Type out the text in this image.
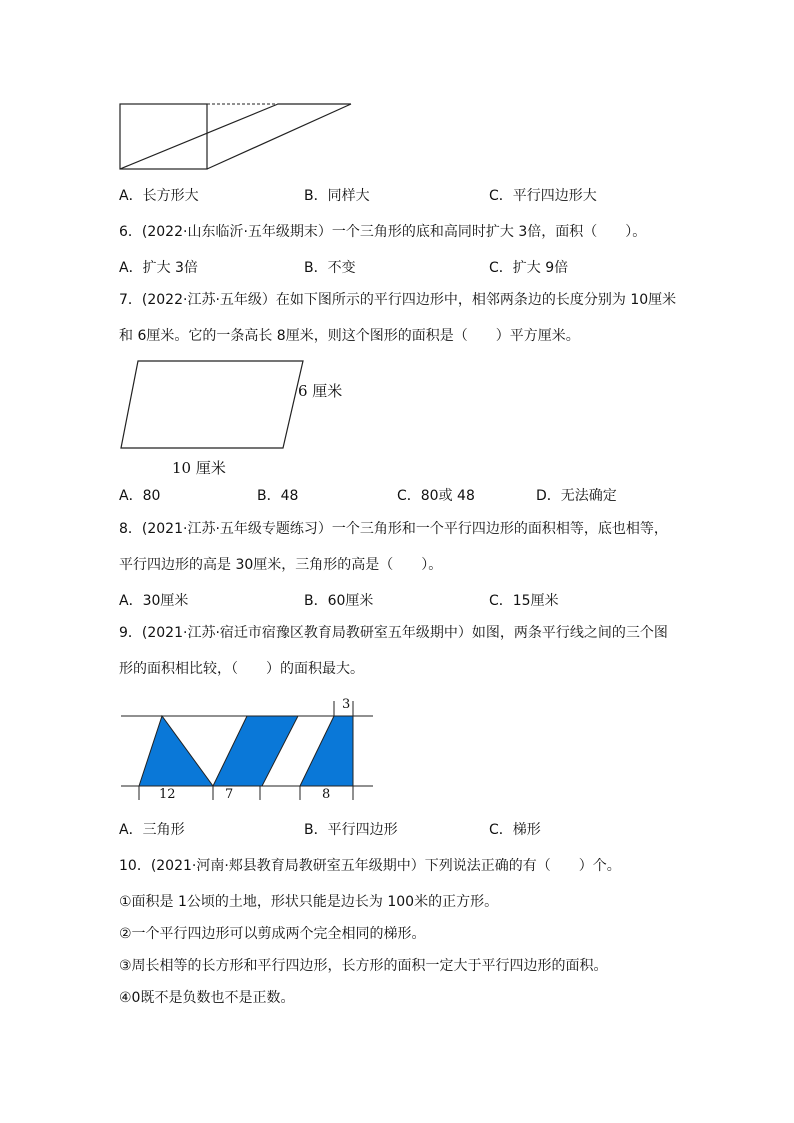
A．长方形大	B．同样大	C．平行四边形大
6．(2022·山东临沂·五年级期末）一个三角形的底和高同时扩大 3倍，面积（　　）。
A．扩大 3倍	B．不变	C．扩大 9倍
7．(2022·江苏·五年级）在如下图所示的平行四边形中，相邻两条边的长度分别为 10厘米
和 6厘米。它的一条高长 8厘米，则这个图形的面积是（　　）平方厘米。
6 厘米
10 厘米
A．80	B．48	C．80或 48	D．无法确定
8．(2021·江苏·五年级专题练习）一个三角形和一个平行四边形的面积相等，底也相等，
平行四边形的高是 30厘米，三角形的高是（　　）。
A．30厘米	B．60厘米	C．15厘米
9．(2021·江苏·宿迁市宿豫区教育局教研室五年级期中）如图，两条平行线之间的三个图
形的面积相比较，（　　）的面积最大。
12	7	8
3
A．三角形	B．平行四边形	C．梯形
10．(2021·河南·郏县教育局教研室五年级期中）下列说法正确的有（　　）个。
①面积是 1公顷的土地，形状只能是边长为 100米的正方形。
②一个平行四边形可以剪成两个完全相同的梯形。
③周长相等的长方形和平行四边形，长方形的面积一定大于平行四边形的面积。
④0既不是负数也不是正数。
